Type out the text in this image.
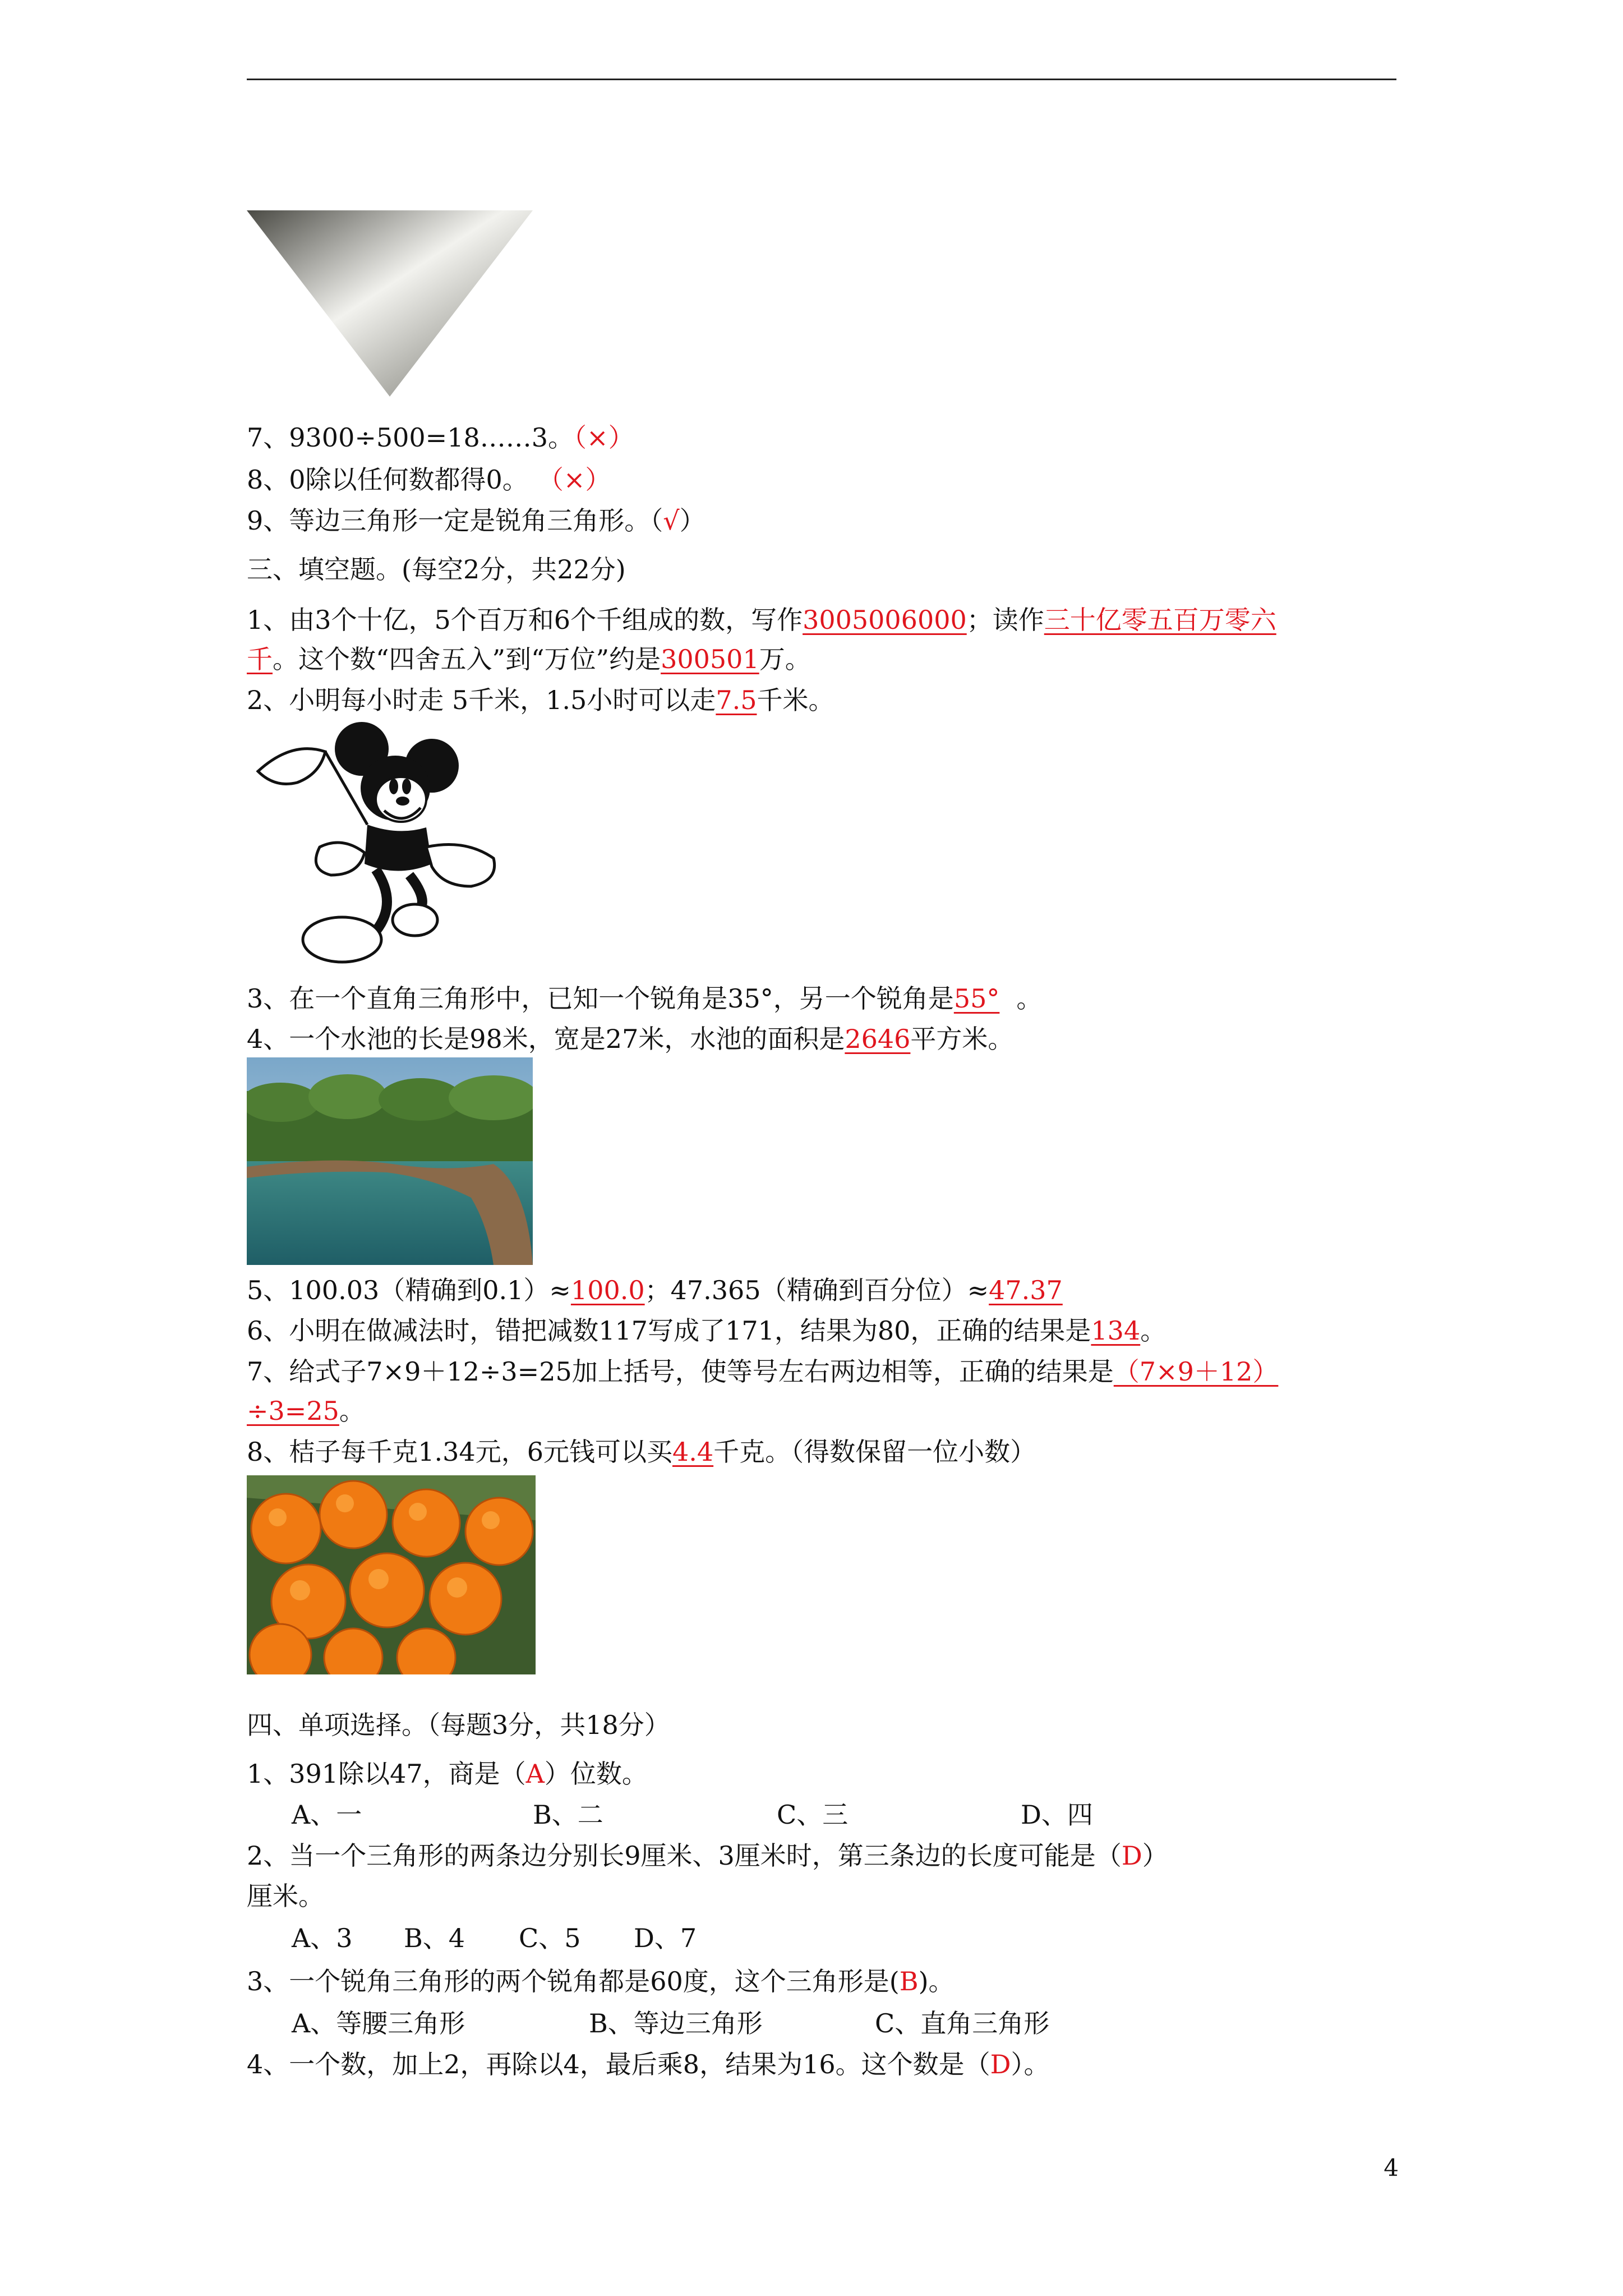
7、9300÷500=18……3。（×）
8、0除以任何数都得0。 （×）
9、等边三角形一定是锐角三角形。（√）
三、填空题。(每空2分，共22分)
1、由3个十亿，5个百万和6个千组成的数，写作3005006000；读作三十亿零五百万零六
千。这个数“四舍五入”到“万位”约是300501万。
2、小明每小时走 5千米，1.5小时可以走7.5千米。
3、在一个直角三角形中，已知一个锐角是35°，另一个锐角是55° 。
4、一个水池的长是98米，宽是27米，水池的面积是2646平方米。
5、100.03（精确到0.1）≈100.0；47.365（精确到百分位）≈47.37
6、小明在做减法时，错把减数117写成了171，结果为80，正确的结果是134。
7、给式子7×9＋12÷3=25加上括号，使等号左右两边相等，正确的结果是（7×9＋12）
÷3=25。
8、桔子每千克1.34元，6元钱可以买4.4千克。（得数保留一位小数）
四、单项选择。（每题3分，共18分）
1、391除以47，商是（A）位数。
A、一	B、二	C、三	D、四
2、当一个三角形的两条边分别长9厘米、3厘米时，第三条边的长度可能是（D）
厘米。
A、3 B、4 C、5 D、7
3、一个锐角三角形的两个锐角都是60度，这个三角形是(B)。
A、等腰三角形	B、等边三角形	C、直角三角形
4、一个数，加上2，再除以4，最后乘8，结果为16。这个数是（D）。
4
